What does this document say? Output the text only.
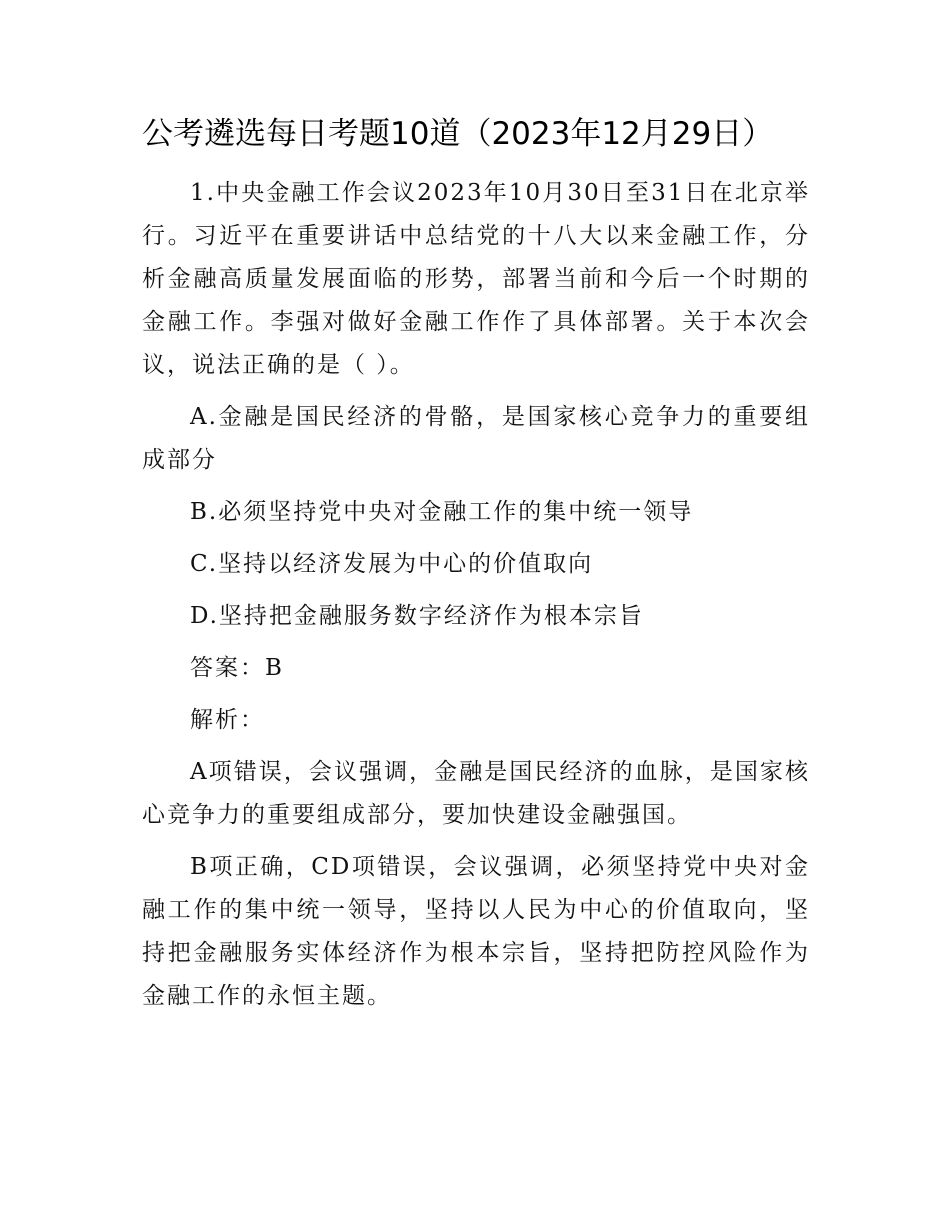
公考遴选每日考题10道（2023年12月29日）

1.中央金融工作会议2023年10月30日至31日在北京举行。习近平在重要讲话中总结党的十八大以来金融工作，分析金融高质量发展面临的形势，部署当前和今后一个时期的金融工作。李强对做好金融工作作了具体部署。关于本次会议，说法正确的是（ ）。

A.金融是国民经济的骨骼，是国家核心竞争力的重要组成部分

B.必须坚持党中央对金融工作的集中统一领导

C.坚持以经济发展为中心的价值取向

D.坚持把金融服务数字经济作为根本宗旨

答案：B

解析：

A项错误，会议强调，金融是国民经济的血脉，是国家核心竞争力的重要组成部分，要加快建设金融强国。

B项正确，CD项错误，会议强调，必须坚持党中央对金融工作的集中统一领导，坚持以人民为中心的价值取向，坚持把金融服务实体经济作为根本宗旨，坚持把防控风险作为金融工作的永恒主题。
